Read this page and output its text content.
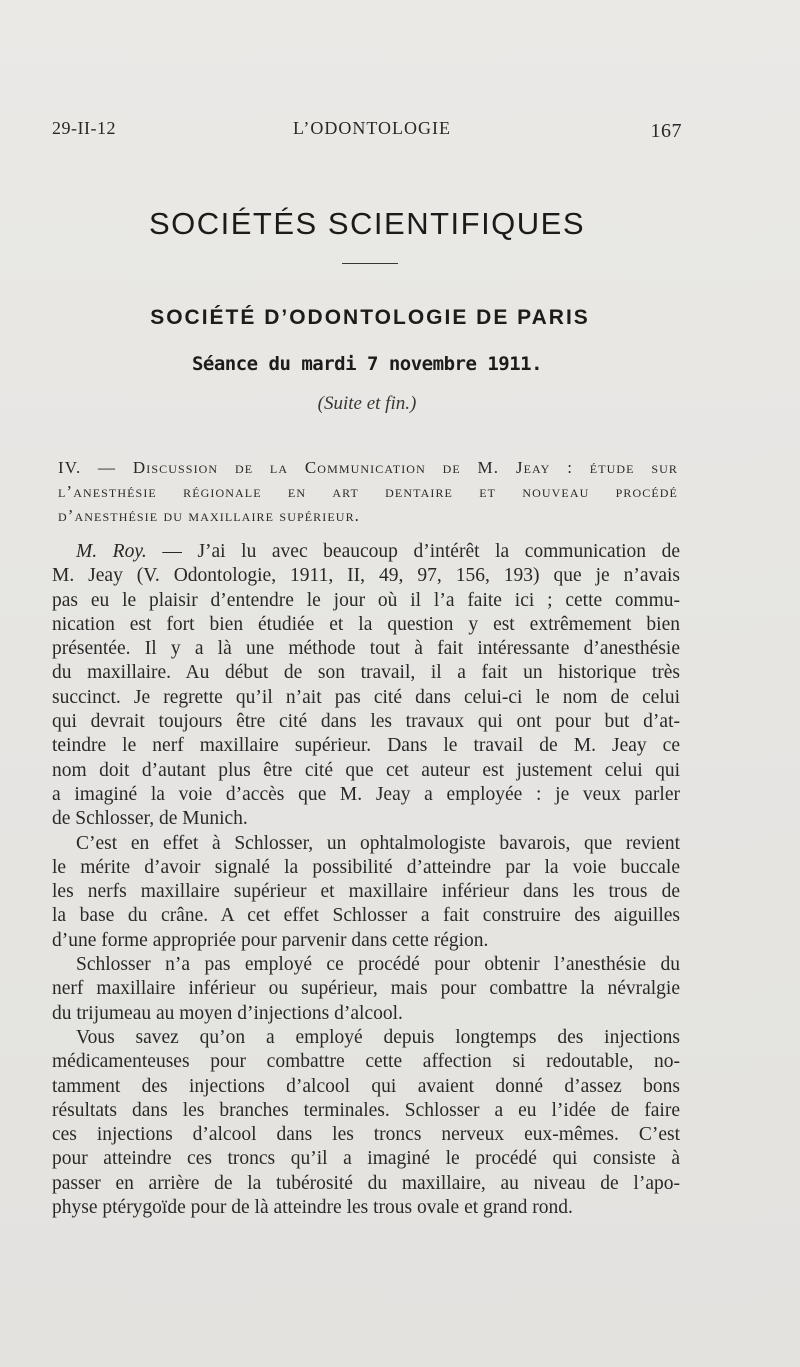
29-II-12	L’ODONTOLOGIE	167
SOCIÉTÉS SCIENTIFIQUES
SOCIÉTÉ D’ODONTOLOGIE DE PARIS
Séance du mardi 7 novembre 1911.
(Suite et fin.)
IV. — Discussion de la Communication de M. Jeay : étude sur
l’anesthésie régionale en art dentaire et nouveau procédé
d’anesthésie du maxillaire supérieur.
M. Roy. — J’ai lu avec beaucoup d’intérêt la communication de
M. Jeay (V. Odontologie, 1911, II, 49, 97, 156, 193) que je n’avais
pas eu le plaisir d’entendre le jour où il l’a faite ici ; cette commu-
nication est fort bien étudiée et la question y est extrêmement bien
présentée. Il y a là une méthode tout à fait intéressante d’anesthésie
du maxillaire. Au début de son travail, il a fait un historique très
succinct. Je regrette qu’il n’ait pas cité dans celui-ci le nom de celui
qui devrait toujours être cité dans les travaux qui ont pour but d’at-
teindre le nerf maxillaire supérieur. Dans le travail de M. Jeay ce
nom doit d’autant plus être cité que cet auteur est justement celui qui
a imaginé la voie d’accès que M. Jeay a employée : je veux parler
de Schlosser, de Munich.
C’est en effet à Schlosser, un ophtalmologiste bavarois, que revient
le mérite d’avoir signalé la possibilité d’atteindre par la voie buccale
les nerfs maxillaire supérieur et maxillaire inférieur dans les trous de
la base du crâne. A cet effet Schlosser a fait construire des aiguilles
d’une forme appropriée pour parvenir dans cette région.
Schlosser n’a pas employé ce procédé pour obtenir l’anesthésie du
nerf maxillaire inférieur ou supérieur, mais pour combattre la névralgie
du trijumeau au moyen d’injections d’alcool.
Vous savez qu’on a employé depuis longtemps des injections
médicamenteuses pour combattre cette affection si redoutable, no-
tamment des injections d’alcool qui avaient donné d’assez bons
résultats dans les branches terminales. Schlosser a eu l’idée de faire
ces injections d’alcool dans les troncs nerveux eux-mêmes. C’est
pour atteindre ces troncs qu’il a imaginé le procédé qui consiste à
passer en arrière de la tubérosité du maxillaire, au niveau de l’apo-
physe ptérygoïde pour de là atteindre les trous ovale et grand rond.
